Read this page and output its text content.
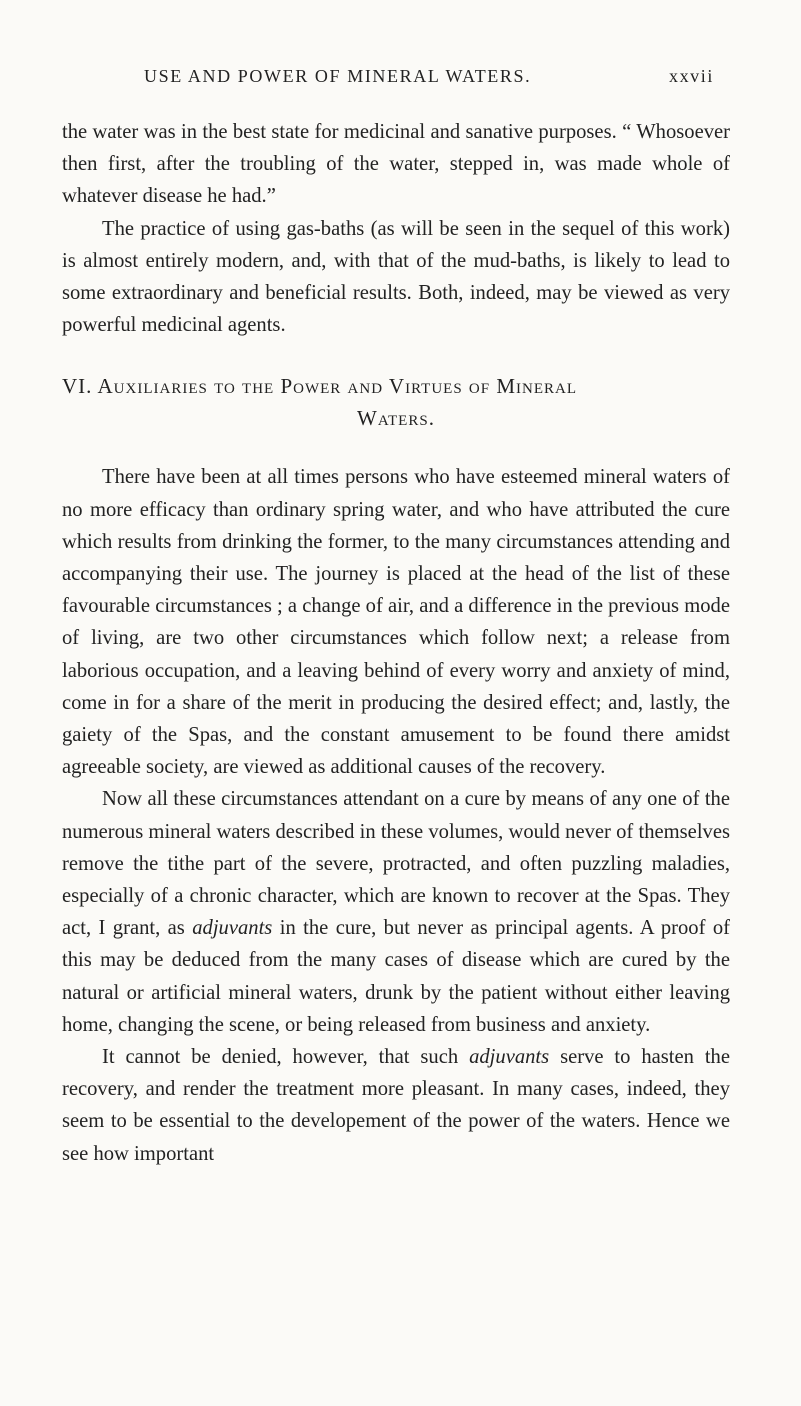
USE AND POWER OF MINERAL WATERS.	xxvii

the water was in the best state for medicinal and sanative purposes. “ Whosoever then first, after the troubling of the water, stepped in, was made whole of whatever disease he had.”

The practice of using gas-baths (as will be seen in the sequel of this work) is almost entirely modern, and, with that of the mud-baths, is likely to lead to some extraordinary and beneficial results. Both, indeed, may be viewed as very powerful medicinal agents.

VI. Auxiliaries to the Power and Virtues of Mineral
Waters.

There have been at all times persons who have esteemed mineral waters of no more efficacy than ordinary spring water, and who have attributed the cure which results from drinking the former, to the many circumstances attending and accompanying their use. The journey is placed at the head of the list of these favourable circumstances ; a change of air, and a difference in the previous mode of living, are two other circumstances which follow next; a release from laborious occupation, and a leaving behind of every worry and anxiety of mind, come in for a share of the merit in producing the desired effect; and, lastly, the gaiety of the Spas, and the constant amusement to be found there amidst agreeable society, are viewed as additional causes of the recovery.

Now all these circumstances attendant on a cure by means of any one of the numerous mineral waters described in these volumes, would never of themselves remove the tithe part of the severe, protracted, and often puzzling maladies, especially of a chronic character, which are known to recover at the Spas. They act, I grant, as adjuvants in the cure, but never as principal agents. A proof of this may be deduced from the many cases of disease which are cured by the natural or artificial mineral waters, drunk by the patient without either leaving home, changing the scene, or being released from business and anxiety.

It cannot be denied, however, that such adjuvants serve to hasten the recovery, and render the treatment more pleasant. In many cases, indeed, they seem to be essential to the developement of the power of the waters. Hence we see how important
